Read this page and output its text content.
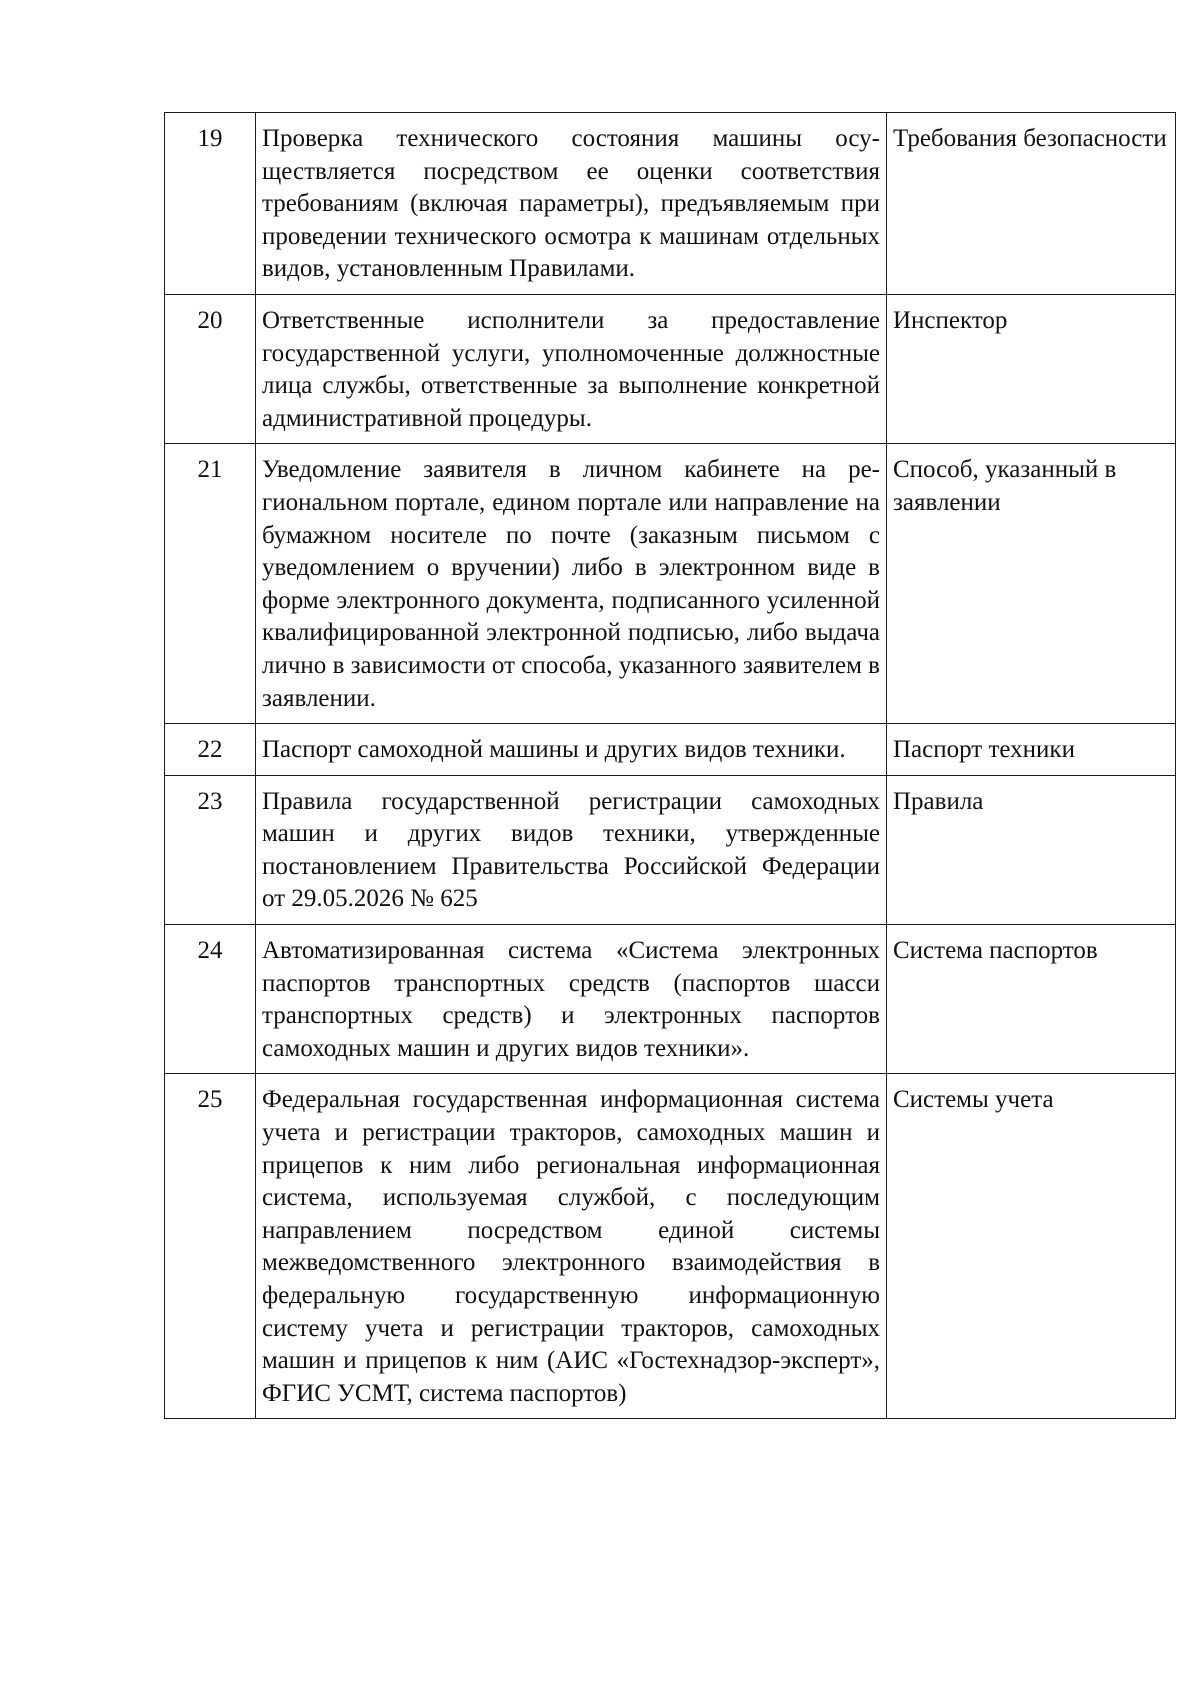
19	Проверка технического состояния машины осуществляется посредством ее оценки соответствия требованиям (включая параметры), предъявляемым при проведении технического осмотра к машинам отдельных видов, установленным Правилами.	Требования безопасности
20	Ответственные исполнители за предоставление государственной услуги, уполномоченные должностные лица службы, ответственные за выполнение конкретной административной процедуры.	Инспектор
21	Уведомление заявителя в личном кабинете на региональном портале, едином портале или направление на бумажном носителе по почте (заказным письмом с уведомлением о вручении) либо в электронном виде в форме электронного документа, подписанного усиленной квалифицированной электронной подписью, либо выдача лично в зависимости от способа, указанного заявителем в заявлении.	Способ, указанный в заявлении
22	Паспорт самоходной машины и других видов техники.	Паспорт техники
23	Правила государственной регистрации самоходных машин и других видов техники, утвержденные постановлением Правительства Российской Федерации от 29.05.2026 № 625	Правила
24	Автоматизированная система «Система электронных паспортов транспортных средств (паспортов шасси транспортных средств) и электронных паспортов самоходных машин и других видов техники».	Система паспортов
25	Федеральная государственная информационная система учета и регистрации тракторов, самоходных машин и прицепов к ним либо региональная информационная система, используемая службой, с последующим направлением посредством единой системы межведомственного электронного взаимодействия в федеральную государственную информационную систему учета и регистрации тракторов, самоходных машин и прицепов к ним (АИС «Гостехнадзор-эксперт», ФГИС УСМТ, система паспортов)	Системы учета
